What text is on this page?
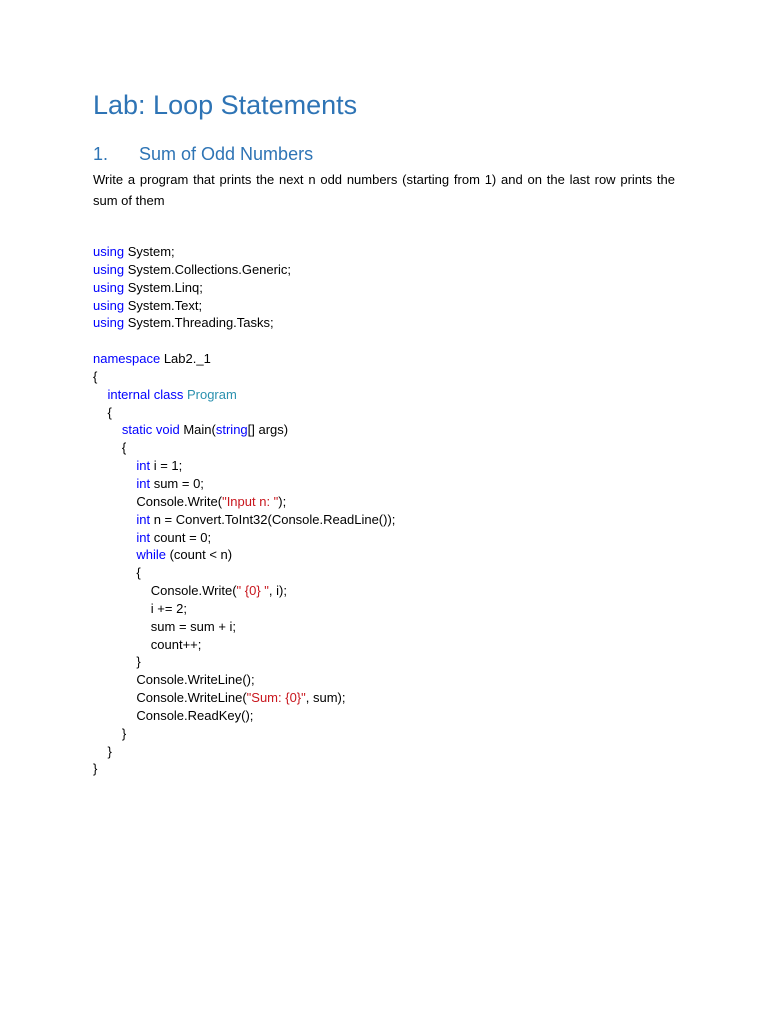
Lab: Loop Statements
1. Sum of Odd Numbers

Write a program that prints the next n odd numbers (starting from 1) and on the last row prints the sum of them

using System;
using System.Collections.Generic;
using System.Linq;
using System.Text;
using System.Threading.Tasks;

namespace Lab2._1
{
internal class Program
{
static void Main(string[] args)
{
int i = 1;
int sum = 0;
Console.Write("Input n: ");
int n = Convert.ToInt32(Console.ReadLine());
int count = 0;
while (count < n)
{
Console.Write(" {0} ", i);
i += 2;
sum = sum + i;
count++;
}
Console.WriteLine();
Console.WriteLine("Sum: {0}", sum);
Console.ReadKey();
}
}
}
